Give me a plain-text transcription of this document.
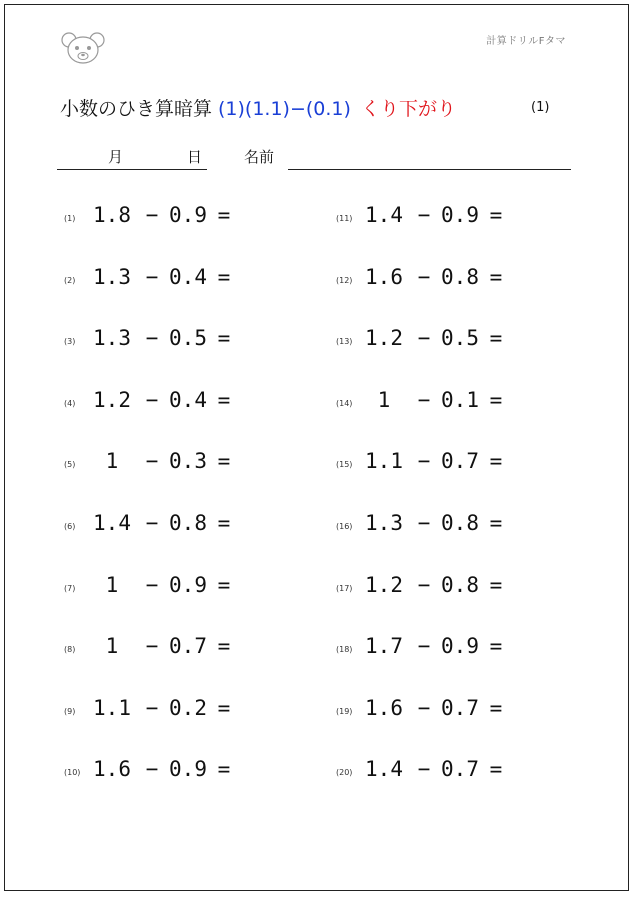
計算ドリルFタマ
小数のひき算暗算 (1)(1.1)−(0.1) くり下がり	(1)
月	日	名前
(1) 1.8 − 0.9 =
(2) 1.3 − 0.4 =
(3) 1.3 − 0.5 =
(4) 1.2 − 0.4 =
(5)	1	− 0.3 =
(6) 1.4 − 0.8 =
(7)	1	− 0.9 =
(8)	1	− 0.7 =
(9) 1.1 − 0.2 =
(10) 1.6 − 0.9 =
(11) 1.4 − 0.9 =
(12) 1.6 − 0.8 =
(13) 1.2 − 0.5 =
(14)	1	− 0.1 =
(15) 1.1 − 0.7 =
(16) 1.3 − 0.8 =
(17) 1.2 − 0.8 =
(18) 1.7 − 0.9 =
(19) 1.6 − 0.7 =
(20) 1.4 − 0.7 =
